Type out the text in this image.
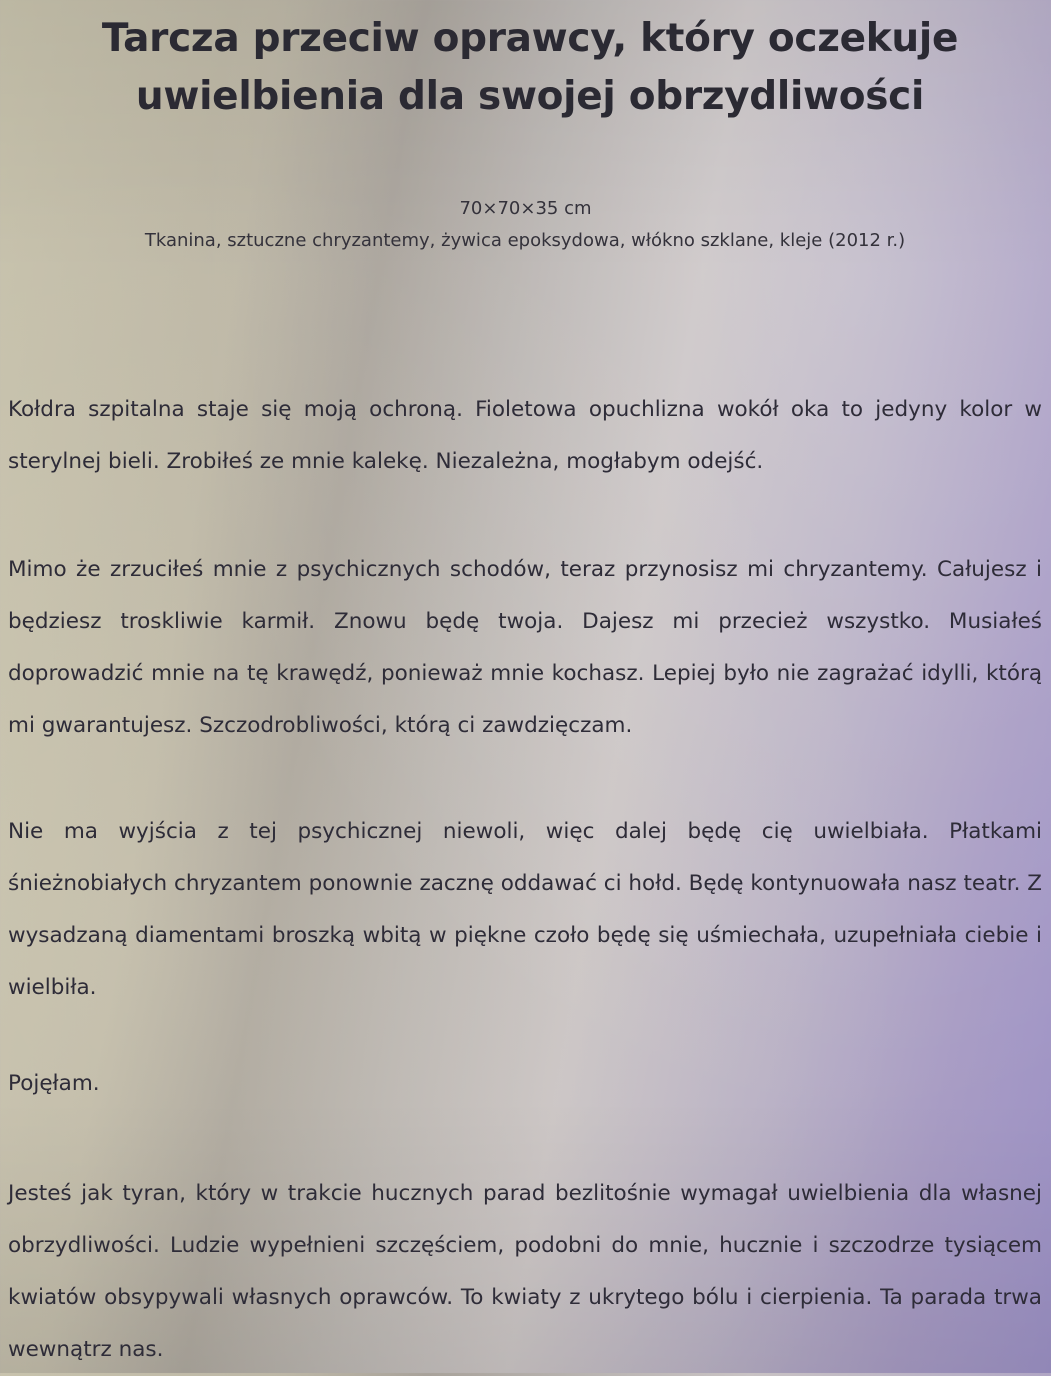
Tarcza przeciw oprawcy, który oczekuje uwielbienia dla swojej obrzydliwości
70×70×35 cm
Tkanina, sztuczne chryzantemy, żywica epoksydowa, włókno szklane, kleje (2012 r.)

Kołdra szpitalna staje się moją ochroną. Fioletowa opuchlizna wokół oka to jedyny kolor w sterylnej bieli. Zrobiłeś ze mnie kalekę. Niezależna, mogłabym odejść.

Mimo że zrzuciłeś mnie z psychicznych schodów, teraz przynosisz mi chryzantemy. Całujesz i będziesz troskliwie karmił. Znowu będę twoja. Dajesz mi przecież wszystko. Musiałeś doprowadzić mnie na tę krawędź, ponieważ mnie kochasz. Lepiej było nie zagrażać idylli, którą mi gwarantujesz. Szczodrobliwości, którą ci zawdzięczam.

Nie ma wyjścia z tej psychicznej niewoli, więc dalej będę cię uwielbiała. Płatkami śnieżnobiałych chryzantem ponownie zacznę oddawać ci hołd. Będę kontynuowała nasz teatr. Z wysadzaną diamentami broszką wbitą w piękne czoło będę się uśmiechała, uzupełniała ciebie i wielbiła.

Pojęłam.

Jesteś jak tyran, który w trakcie hucznych parad bezlitośnie wymagał uwielbienia dla własnej obrzydliwości. Ludzie wypełnieni szczęściem, podobni do mnie, hucznie i szczodrze tysiącem kwiatów obsypywali własnych oprawców. To kwiaty z ukrytego bólu i cierpienia. Ta parada trwa wewnątrz nas.
